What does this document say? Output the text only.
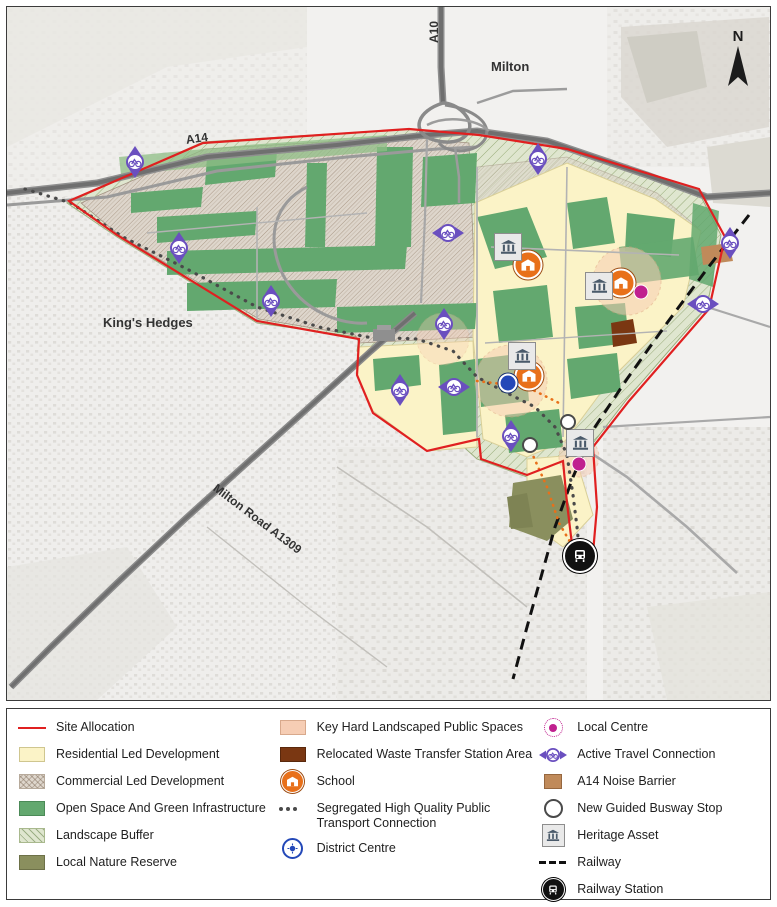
Milton
King's Hedges
A10
A14
Milton Road A1309
N
Site Allocation
Residential Led Development
Commercial Led Development
Open Space And Green Infrastructure
Landscape Buffer
Local Nature Reserve
Key Hard Landscaped Public Spaces
Relocated Waste Transfer Station Area
School
Segregated High Quality Public Transport Connection
District Centre
Local Centre
Active Travel Connection
A14 Noise Barrier
New Guided Busway Stop
Heritage Asset
Railway
Railway Station
